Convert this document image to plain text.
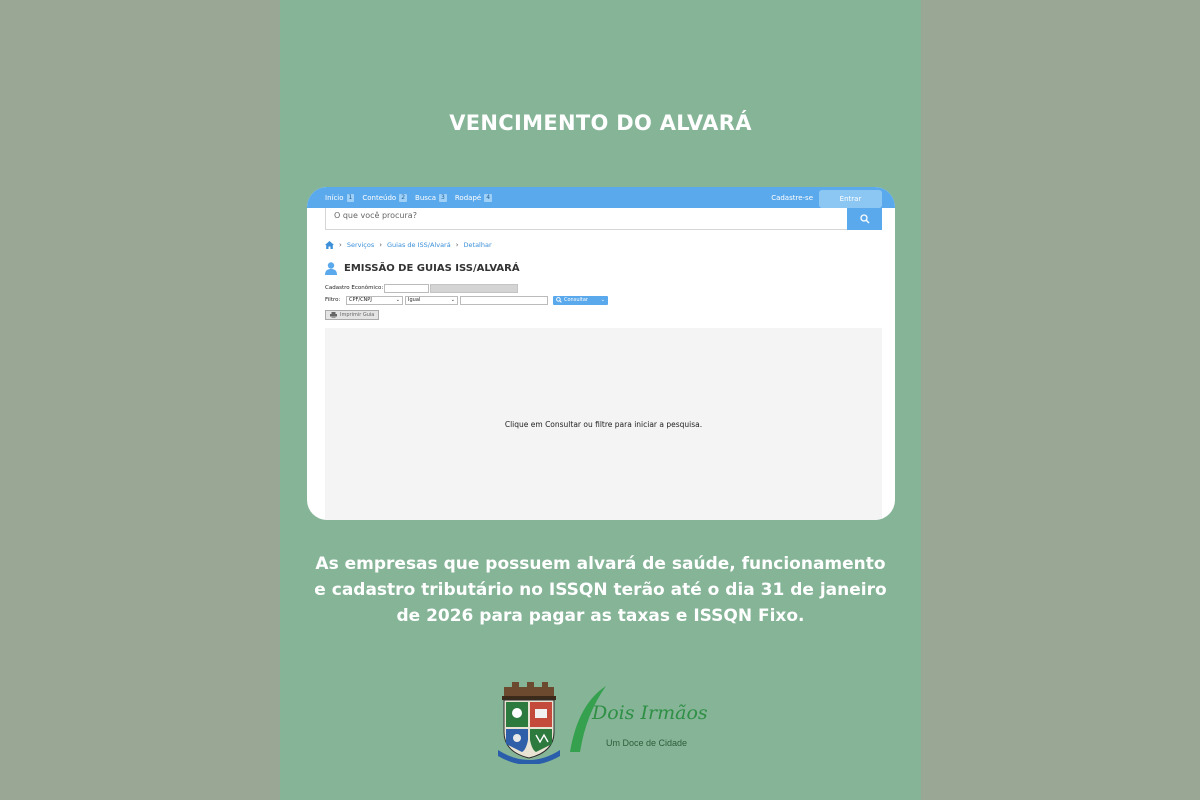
VENCIMENTO DO ALVARÁ
Início 1 Conteúdo 2 Busca 3 Rodapé 4	Cadastre-se	Entrar
O que você procura?
› Serviços › Guias de ISS/Alvará › Detalhar
EMISSÃO DE GUIAS ISS/ALVARÁ
Cadastro Econômico:
Filtro:	CPF/CNPJ	⌄ Igual	⌄	Consultar	⌄
Imprimir Guia
Clique em Consultar ou filtre para iniciar a pesquisa.
As empresas que possuem alvará de saúde, funcionamento
e cadastro tributário no ISSQN terão até o dia 31 de janeiro
de 2026 para pagar as taxas e ISSQN Fixo.
Dois Irmãos
Um Doce de Cidade
